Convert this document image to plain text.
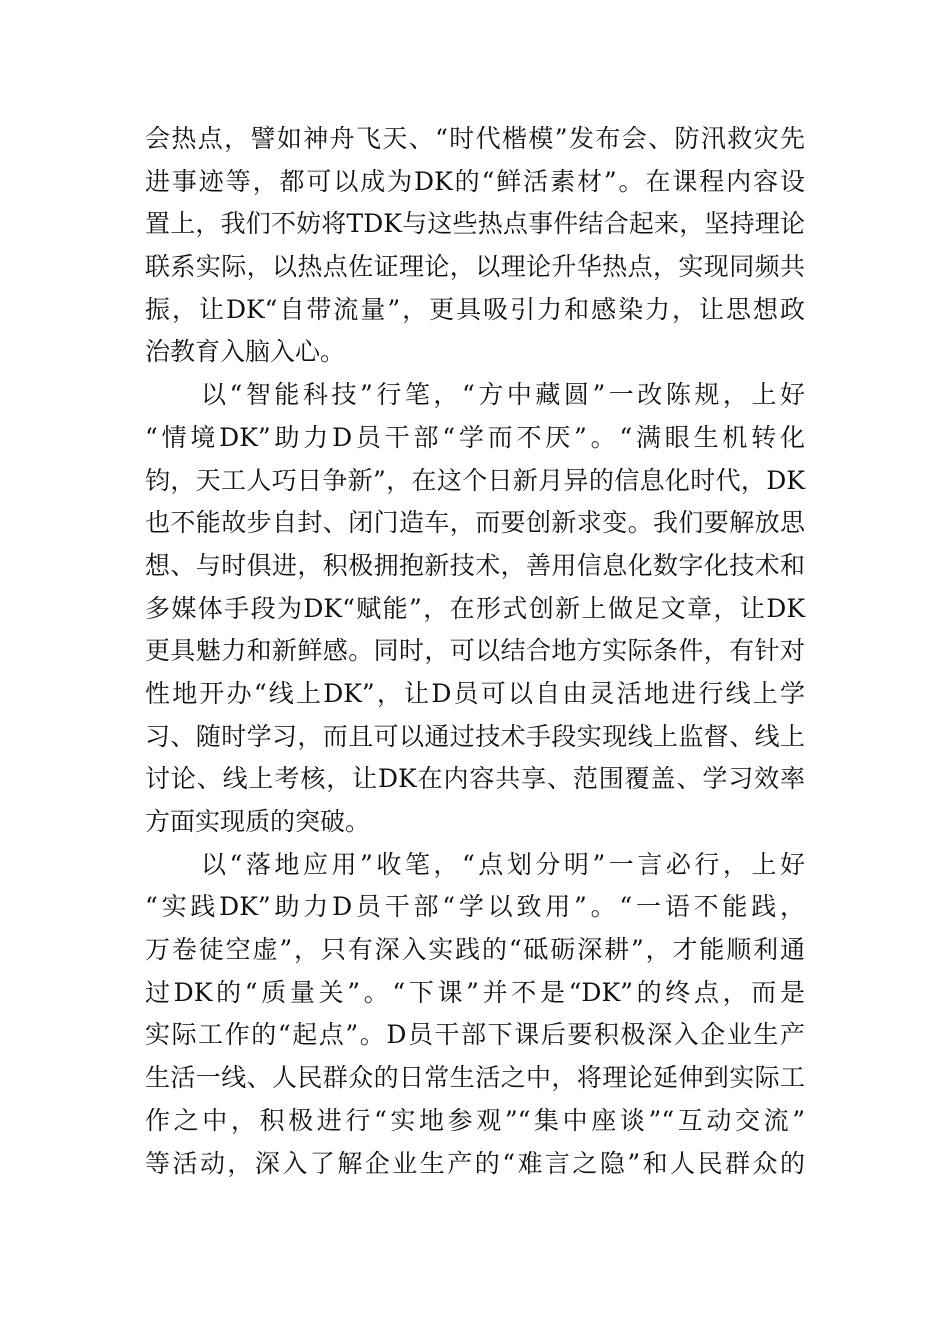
会热点，譬如神舟飞天、“时代楷模”发布会、防汛救灾先
进事迹等，都可以成为DK的“鲜活素材”。在课程内容设
置上，我们不妨将TDK与这些热点事件结合起来，坚持理论
联系实际，以热点佐证理论，以理论升华热点，实现同频共
振，让DK“自带流量”，更具吸引力和感染力，让思想政
治教育入脑入心。
以“智能科技”行笔，“方中藏圆”一改陈规，上好
“情境DK”助力D员干部“学而不厌”。“满眼生机转化
钧，天工人巧日争新”，在这个日新月异的信息化时代，DK
也不能故步自封、闭门造车，而要创新求变。我们要解放思
想、与时俱进，积极拥抱新技术，善用信息化数字化技术和
多媒体手段为DK“赋能”，在形式创新上做足文章，让DK
更具魅力和新鲜感。同时，可以结合地方实际条件，有针对
性地开办“线上DK”，让D员可以自由灵活地进行线上学
习、随时学习，而且可以通过技术手段实现线上监督、线上
讨论、线上考核，让DK在内容共享、范围覆盖、学习效率
方面实现质的突破。
以“落地应用”收笔，“点划分明”一言必行，上好
“实践DK”助力D员干部“学以致用”。“一语不能践，
万卷徒空虚”，只有深入实践的“砥砺深耕”，才能顺利通
过DK的“质量关”。“下课”并不是“DK”的终点，而是
实际工作的“起点”。D员干部下课后要积极深入企业生产
生活一线、人民群众的日常生活之中，将理论延伸到实际工
作之中，积极进行“实地参观”“集中座谈”“互动交流”
等活动，深入了解企业生产的“难言之隐”和人民群众的
